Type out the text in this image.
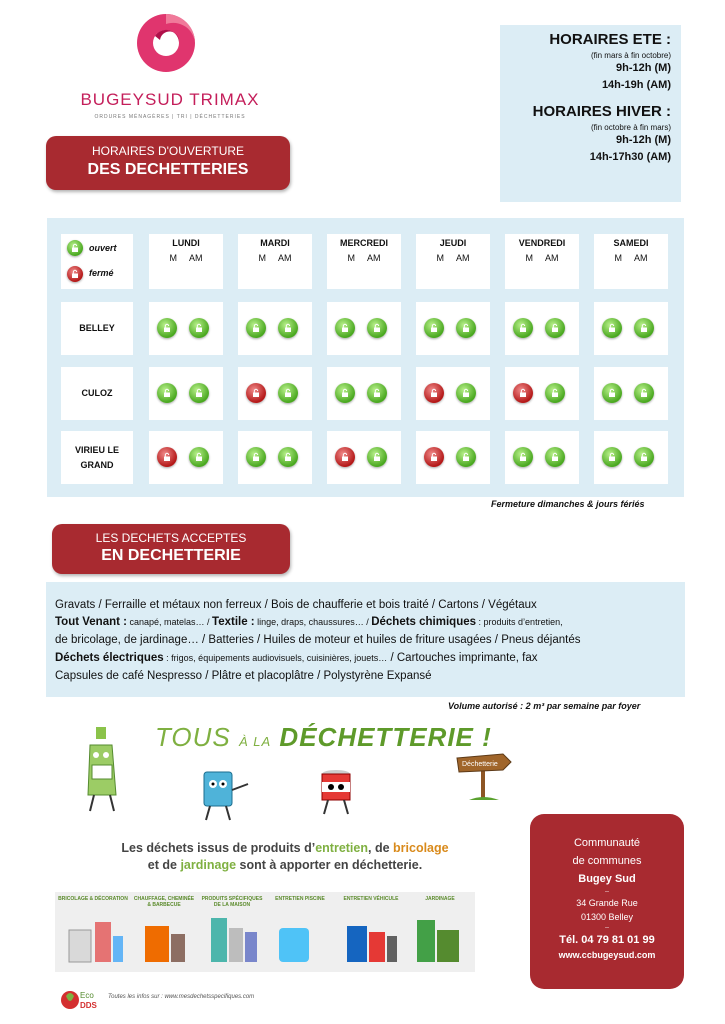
BUGEYSUD TRIMAX
ORDURES MÉNAGÈRES | TRI | DÉCHETTERIES
HORAIRES D'OUVERTURE
DES DECHETTERIES
HORAIRES ETE :
(fin mars à fin octobre)
9h-12h (M)
14h-19h (AM)
HORAIRES HIVER :
(fin octobre à fin mars)
9h-12h (M)
14h-17h30 (AM)
ouvert
fermé
LUNDI
M AM
MARDI
M AM
MERCREDI
M AM
JEUDI
M AM
VENDREDI
M AM
SAMEDI
M AM
BELLEY
CULOZ
VIRIEU LE GRAND
Fermeture dimanches & jours fériés
LES DECHETS ACCEPTES
EN DECHETTERIE
Gravats / Ferraille et métaux non ferreux / Bois de chaufferie et bois traité / Cartons / Végétaux
Tout Venant : canapé, matelas… / Textile : linge, draps, chaussures… / Déchets chimiques : produits d’entretien,
de bricolage, de jardinage… / Batteries / Huiles de moteur et huiles de friture usagées / Pneus déjantés
Déchets électriques : frigos, équipements audiovisuels, cuisinières, jouets… / Cartouches imprimante, fax
Capsules de café Nespresso / Plâtre et placoplâtre / Polystyrène Expansé
Volume autorisé : 2 m³ par semaine par foyer
TOUS À LA DÉCHETTERIE !
Déchetterie
Les déchets issus de produits d’entretien, de bricolage
et de jardinage sont à apporter en déchetterie.
BRICOLAGE & DÉCORATION CHAUFFAGE, CHEMINÉE & BARBECUE
PRODUITS SPÉCIFIQUES DE LA MAISON
ENTRETIEN PISCINE	ENTRETIEN VÉHICULE	JARDINAGE
Communauté
de communes
Bugey Sud
--
34 Grande Rue
01300 Belley
--
Tél. 04 79 81 01 99
www.ccbugeysud.com
Eco
DDS
Toutes les infos sur : www.mesdechetsspecifiques.com
